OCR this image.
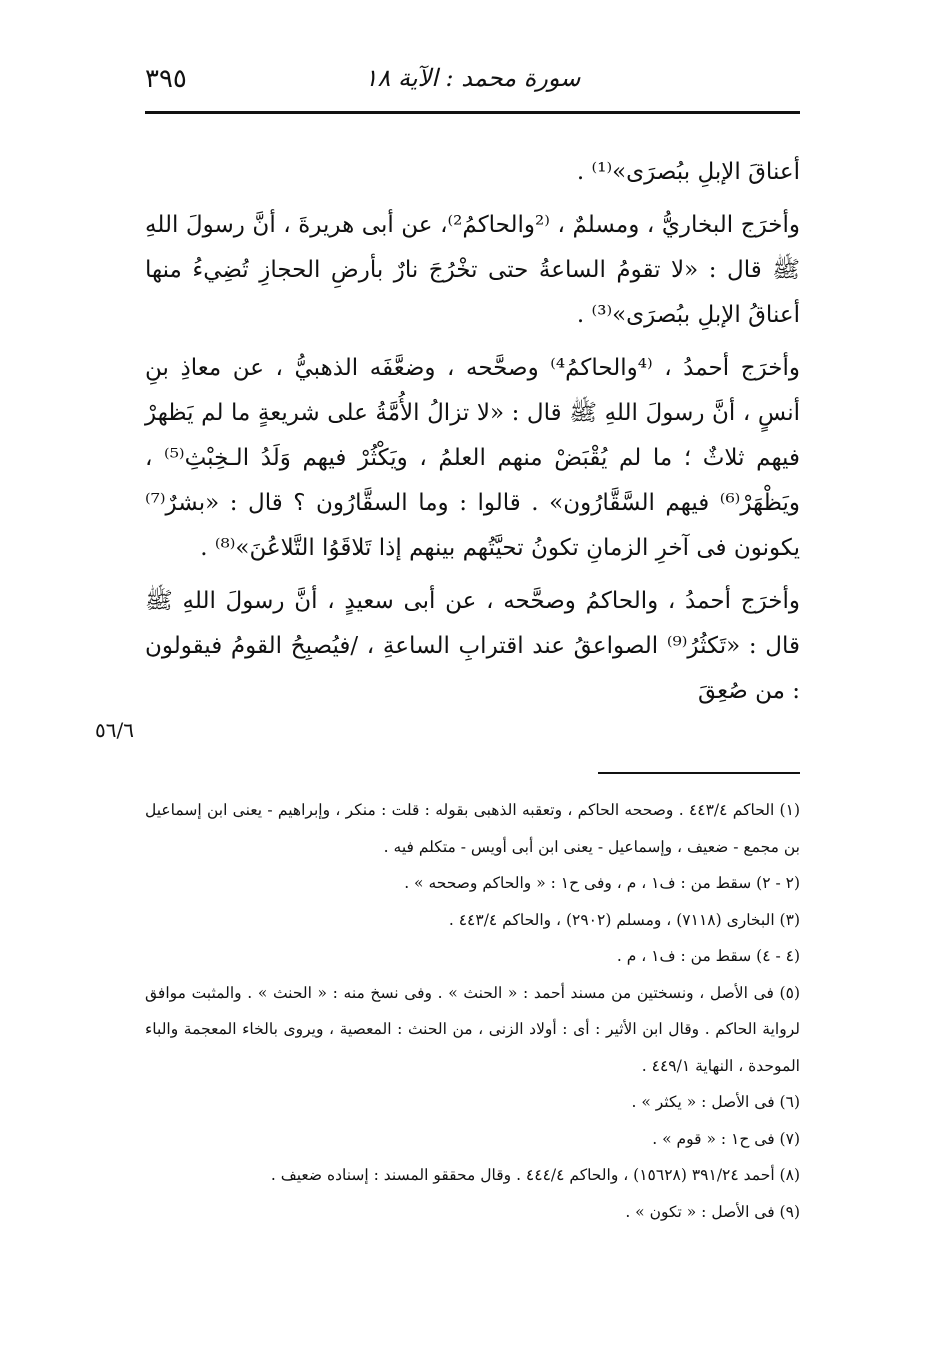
٣٩٥	سورة محمد : الآية ١٨

أعناقَ الإبلِ ببُصرَى»⁽¹⁾ .

وأخرَج البخاريُّ ، ومسلمٌ ، ⁽²والحاكمُ²⁾، عن أبى هريرةَ ، أنَّ رسولَ اللهِ ﷺ قال : «لا تقومُ الساعةُ حتى تخْرُجَ نارٌ بأرضِ الحجازِ تُضِيءُ منها أعناقُ الإبلِ ببُصرَى»⁽³⁾ .

وأخرَج أحمدُ ، ⁽⁴والحاكمُ⁴⁾ وصحَّحه ، وضعَّفَه الذهبيُّ ، عن معاذِ بنِ أنسٍ ، أنَّ رسولَ اللهِ ﷺ قال : «لا تزالُ الأُمَّةُ على شريعةٍ ما لم يَظهرْ فيهم ثلاثٌ ؛ ما لم يُقْبَضْ منهم العلمُ ، ويَكْثُرْ فيهم وَلَدُ الـخِبْثِ⁽⁵⁾ ، ويَظْهَرْ⁽⁶⁾ فيهم السَّقَّارُون» . قالوا : وما السقَّارُون ؟ قال : «بشرٌ⁽⁷⁾ يكونون فى آخرِ الزمانِ تكونُ تحيَّتُهم بينهم إذا تَلاقَوُا التَّلاعُنَ»⁽⁸⁾ .

وأخرَج أحمدُ ، والحاكمُ وصحَّحه ، عن أبى سعيدٍ ، أنَّ رسولَ اللهِ ﷺ قال : «تَكثُرُ⁽⁹⁾ الصواعقُ عند اقترابِ الساعةِ ، /فيُصبِحُ القومُ فيقولون : من صُعِقَ

٥٦/٦

(١) الحاكم ٤٤٣/٤ . وصححه الحاكم ، وتعقبه الذهبى بقوله : قلت : منكر ، وإبراهيم - يعنى ابن إسماعيل بن مجمع - ضعيف ، وإسماعيل - يعنى ابن أبى أويس - متكلم فيه .

(٢ - ٢) سقط من : ف١ ، م ، وفى ح١ : « والحاكم وصححه » .

(٣) البخارى (٧١١٨) ، ومسلم (٢٩٠٢) ، والحاكم ٤٤٣/٤ .

(٤ - ٤) سقط من : ف١ ، م .

(٥) فى الأصل ، ونسختين من مسند أحمد : « الحنث » . وفى نسخ منه : « الحنث » . والمثبت موافق لرواية الحاكم . وقال ابن الأثير : أى : أولاد الزنى ، من الحنث : المعصية ، ويروى بالخاء المعجمة والباء الموحدة ، النهاية ٤٤٩/١ .

(٦) فى الأصل : « يكثر » .

(٧) فى ح١ : « قوم » .

(٨) أحمد ٣٩١/٢٤ (١٥٦٢٨) ، والحاكم ٤٤٤/٤ . وقال محققو المسند : إسناده ضعيف .

(٩) فى الأصل : « تكون » .
